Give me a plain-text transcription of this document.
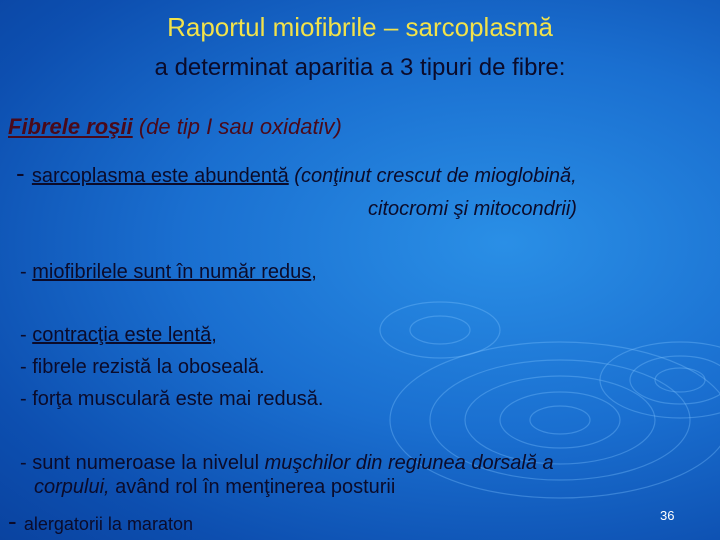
Raportul miofibrile – sarcoplasmă
a determinat aparitia a 3 tipuri de fibre:
Fibrele roşii (de tip I sau oxidativ)
- sarcoplasma este abundentă (conţinut crescut de mioglobină,
citocromi şi mitocondrii)
- miofibrilele sunt în număr redus,
- contracţia este lentă,
- fibrele rezistă la oboseală.
- forţa musculară este mai redusă.
- sunt numeroase la nivelul muşchilor din regiunea dorsală a
corpului, având rol în menţinerea posturii
- alergatorii la maraton	36
